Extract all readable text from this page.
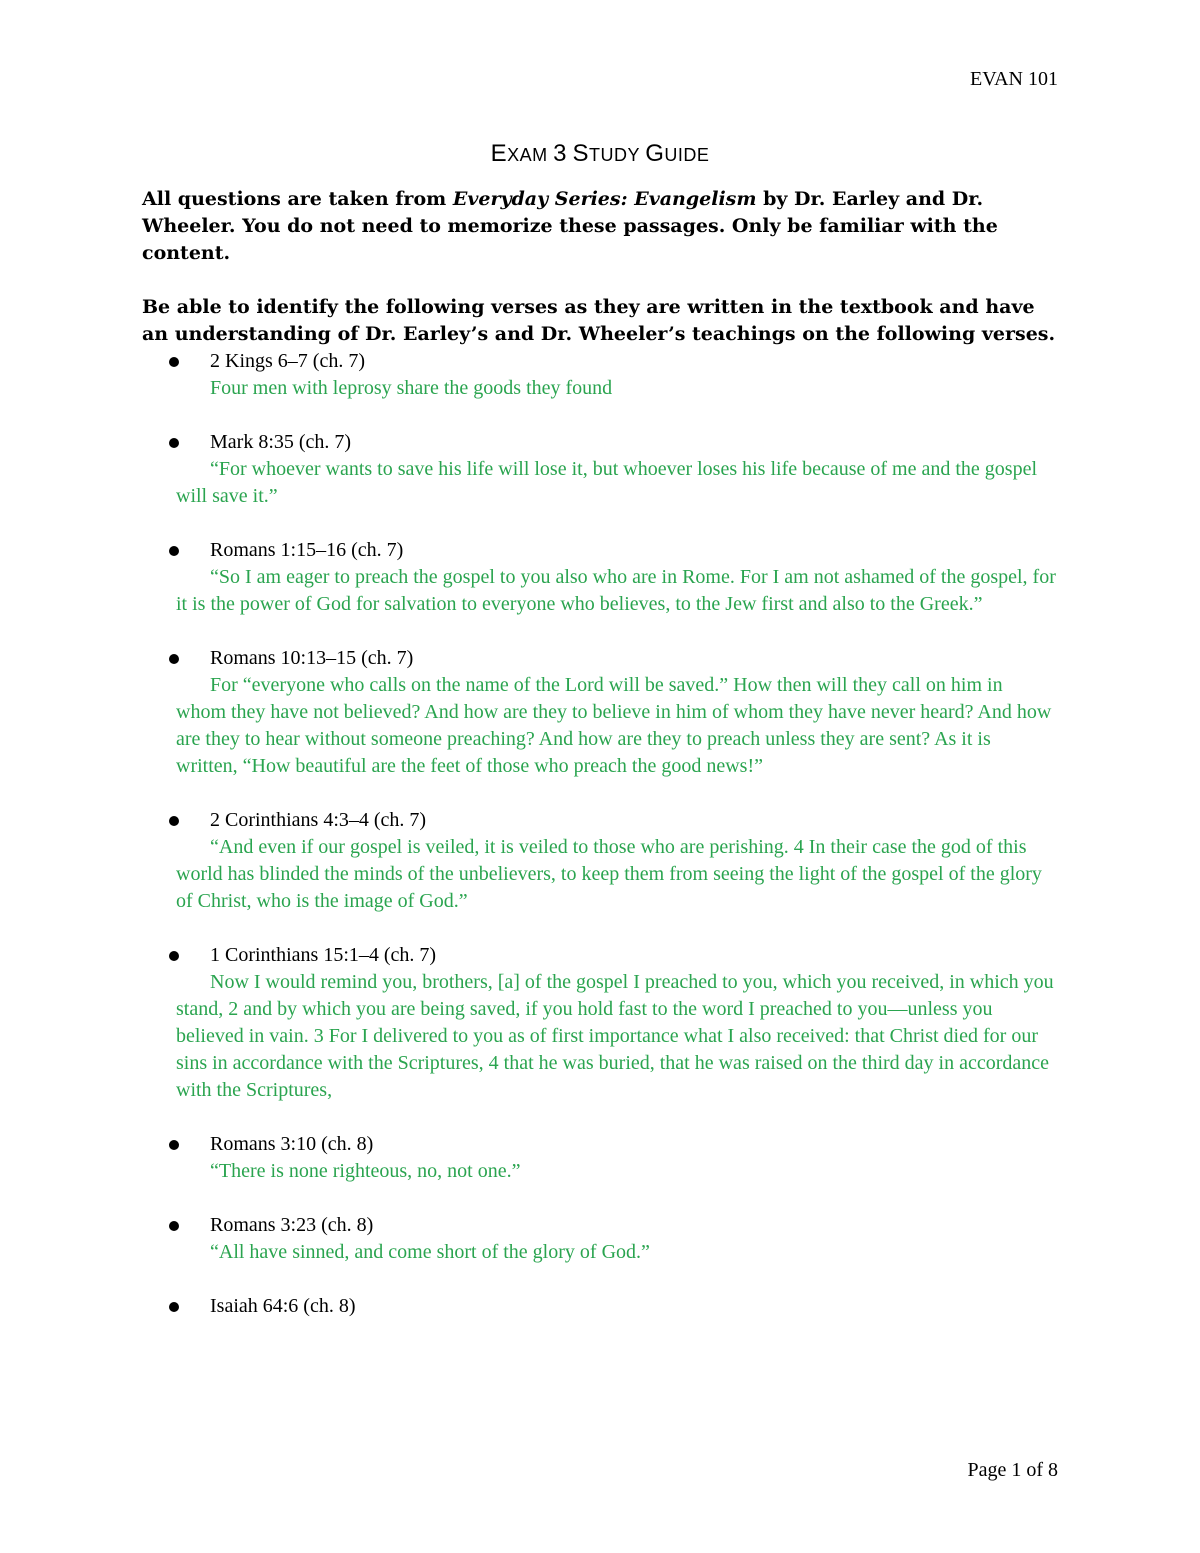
EVAN 101
EXAM 3 STUDY GUIDE

All questions are taken from Everyday Series: Evangelism by Dr. Earley and Dr. Wheeler. You do not need to memorize these passages. Only be familiar with the content.

Be able to identify the following verses as they are written in the textbook and have an understanding of Dr. Earley’s and Dr. Wheeler’s teachings on the following verses.

2 Kings 6–7 (ch. 7)
Four men with leprosy share the goods they found
Mark 8:35 (ch. 7)
“For whoever wants to save his life will lose it, but whoever loses his life because of me and the gospel will save it.”
Romans 1:15–16 (ch. 7)
“So I am eager to preach the gospel to you also who are in Rome. For I am not ashamed of the gospel, for it is the power of God for salvation to everyone who believes, to the Jew first and also to the Greek.”
Romans 10:13–15 (ch. 7)
For “everyone who calls on the name of the Lord will be saved.” How then will they call on him in whom they have not believed? And how are they to believe in him of whom they have never heard? And how are they to hear without someone preaching? And how are they to preach unless they are sent? As it is written, “How beautiful are the feet of those who preach the good news!”
2 Corinthians 4:3–4 (ch. 7)
“And even if our gospel is veiled, it is veiled to those who are perishing. 4 In their case the god of this world has blinded the minds of the unbelievers, to keep them from seeing the light of the gospel of the glory of Christ, who is the image of God.”
1 Corinthians 15:1–4 (ch. 7)
Now I would remind you, brothers, [a] of the gospel I preached to you, which you received, in which you stand, 2 and by which you are being saved, if you hold fast to the word I preached to you—unless you believed in vain. 3 For I delivered to you as of first importance what I also received: that Christ died for our sins in accordance with the Scriptures, 4 that he was buried, that he was raised on the third day in accordance with the Scriptures,
Romans 3:10 (ch. 8)
“There is none righteous, no, not one.”
Romans 3:23 (ch. 8)
“All have sinned, and come short of the glory of God.”
Isaiah 64:6 (ch. 8)
Page 1 of 8
